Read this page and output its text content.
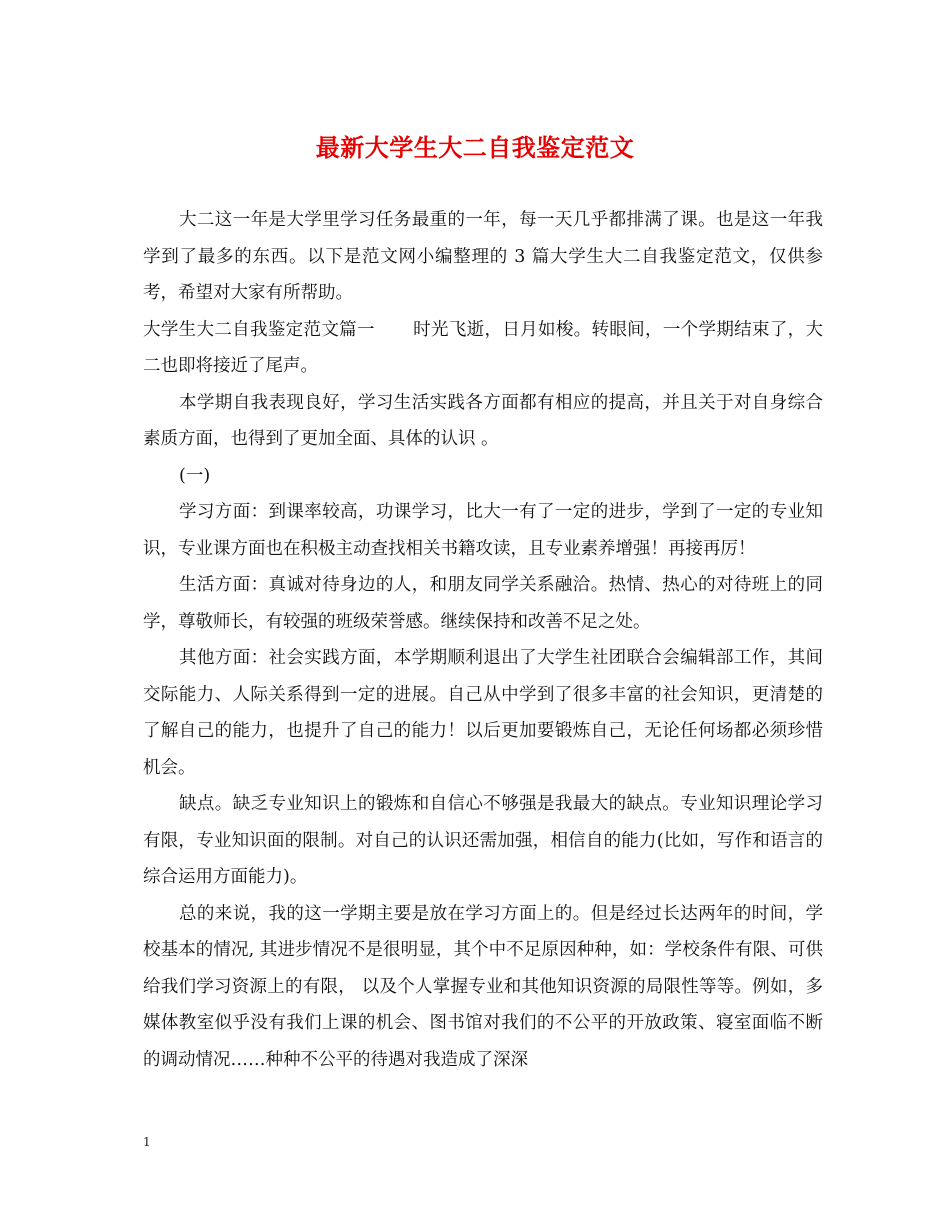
最新大学生大二自我鉴定范文

大二这一年是大学里学习任务最重的一年，每一天几乎都排满了课。也是这一年我学到了最多的东西。以下是范文网小编整理的 3 篇大学生大二自我鉴定范文，仅供参考，希望对大家有所帮助。

大学生大二自我鉴定范文篇一 时光飞逝，日月如梭。转眼间，一个学期结束了，大二也即将接近了尾声。

本学期自我表现良好，学习生活实践各方面都有相应的提高，并且关于对自身综合素质方面，也得到了更加全面、具体的认识 。

(一)

学习方面：到课率较高，功课学习，比大一有了一定的进步，学到了一定的专业知识，专业课方面也在积极主动查找相关书籍攻读，且专业素养增强！再接再厉！

生活方面：真诚对待身边的人，和朋友同学关系融洽。热情、热心的对待班上的同学，尊敬师长，有较强的班级荣誉感。继续保持和改善不足之处。

其他方面：社会实践方面，本学期顺利退出了大学生社团联合会编辑部工作，其间交际能力、人际关系得到一定的进展。自己从中学到了很多丰富的社会知识，更清楚的了解自己的能力，也提升了自己的能力！以后更加要锻炼自己，无论任何场都必须珍惜机会。

缺点。缺乏专业知识上的锻炼和自信心不够强是我最大的缺点。专业知识理论学习有限，专业知识面的限制。对自己的认识还需加强，相信自的能力(比如，写作和语言的综合运用方面能力)。

总的来说，我的这一学期主要是放在学习方面上的。但是经过长达两年的时间，学校基本的情况, 其进步情况不是很明显，其个中不足原因种种，如：学校条件有限、可供给我们学习资源上的有限， 以及个人掌握专业和其他知识资源的局限性等等。例如，多媒体教室似乎没有我们上课的机会、图书馆对我们的不公平的开放政策、寝室面临不断的调动情况……种种不公平的待遇对我造成了深深

1
